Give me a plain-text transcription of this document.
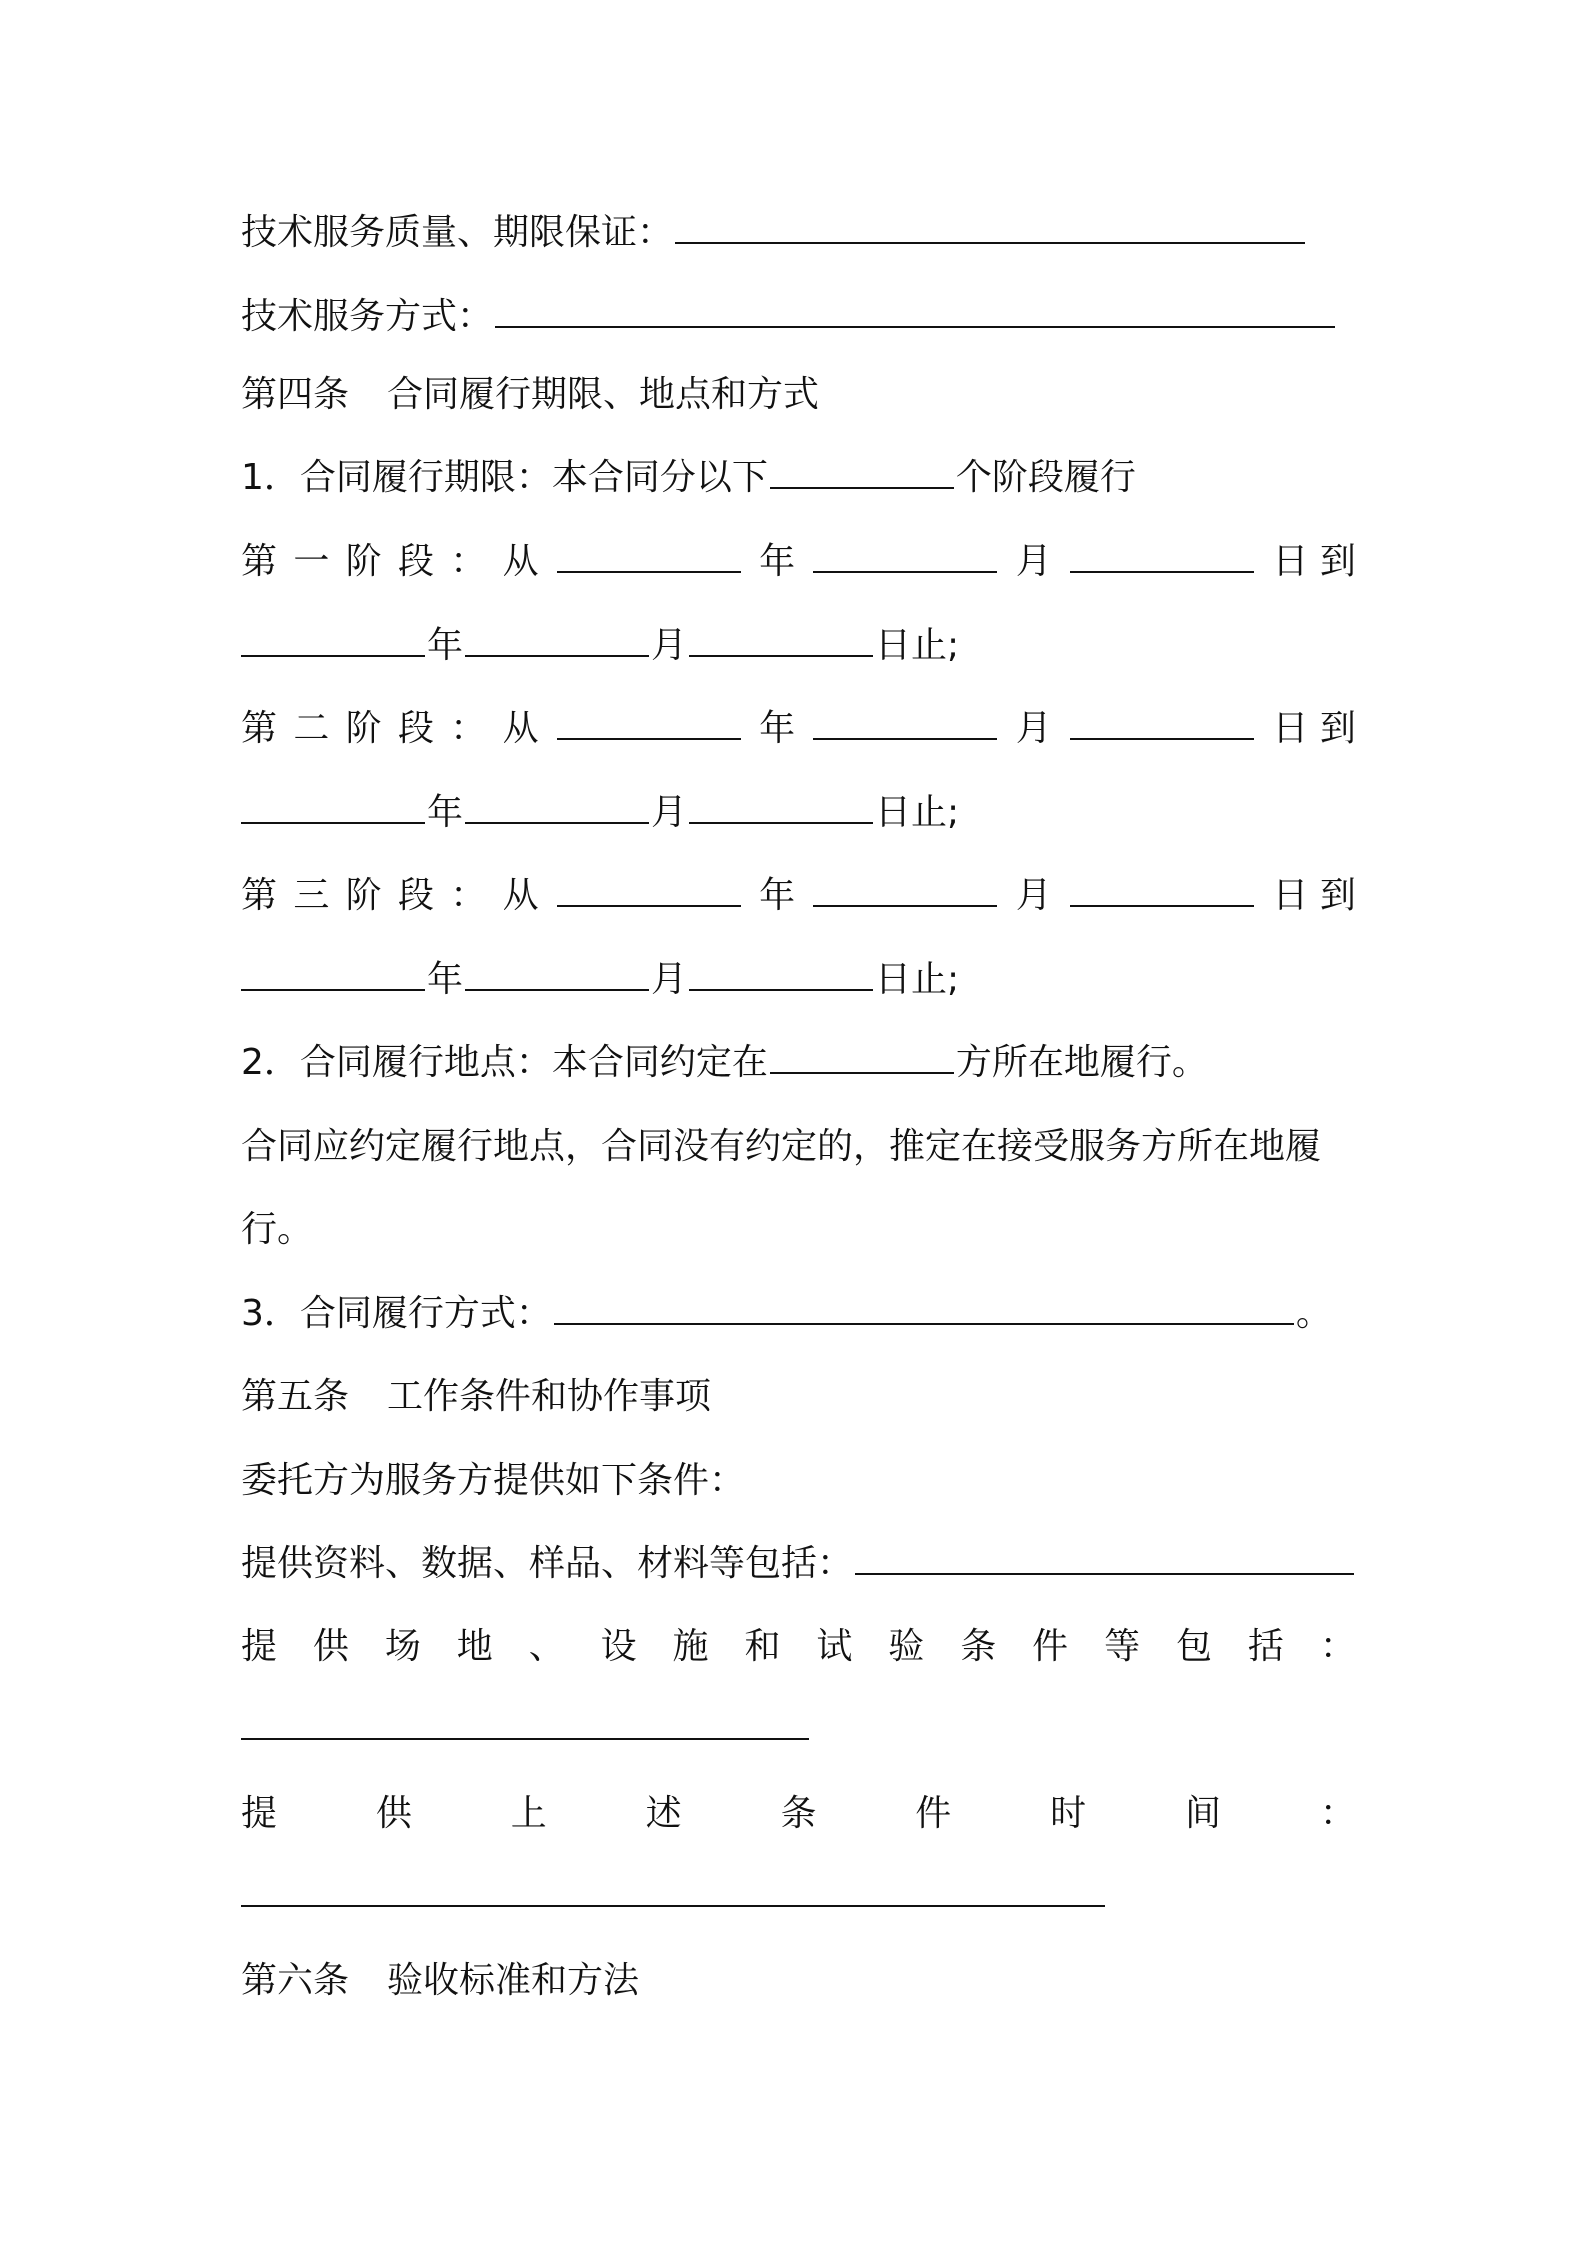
技术服务质量、期限保证：
技术服务方式：
第四条 合同履行期限、地点和方式
1．合同履行期限：本合同分以下	个阶段履行
第 一 阶 段 ： 从	年	月	日 到
年	月	日止;
第 二 阶 段 ： 从	年	月	日 到
年	月	日止;
第 三 阶 段 ： 从	年	月	日 到
年	月	日止;
2．合同履行地点：本合同约定在	方所在地履行。
合同应约定履行地点，合同没有约定的，推定在接受服务方所在地履
行。
3．合同履行方式：	。
第五条 工作条件和协作事项
委托方为服务方提供如下条件：
提供资料、数据、样品、材料等包括：
提 供 场 地 、 设 施 和 试 验 条 件 等 包 括 ：
提	供	上	述	条	件	时	间	：
第六条 验收标准和方法
